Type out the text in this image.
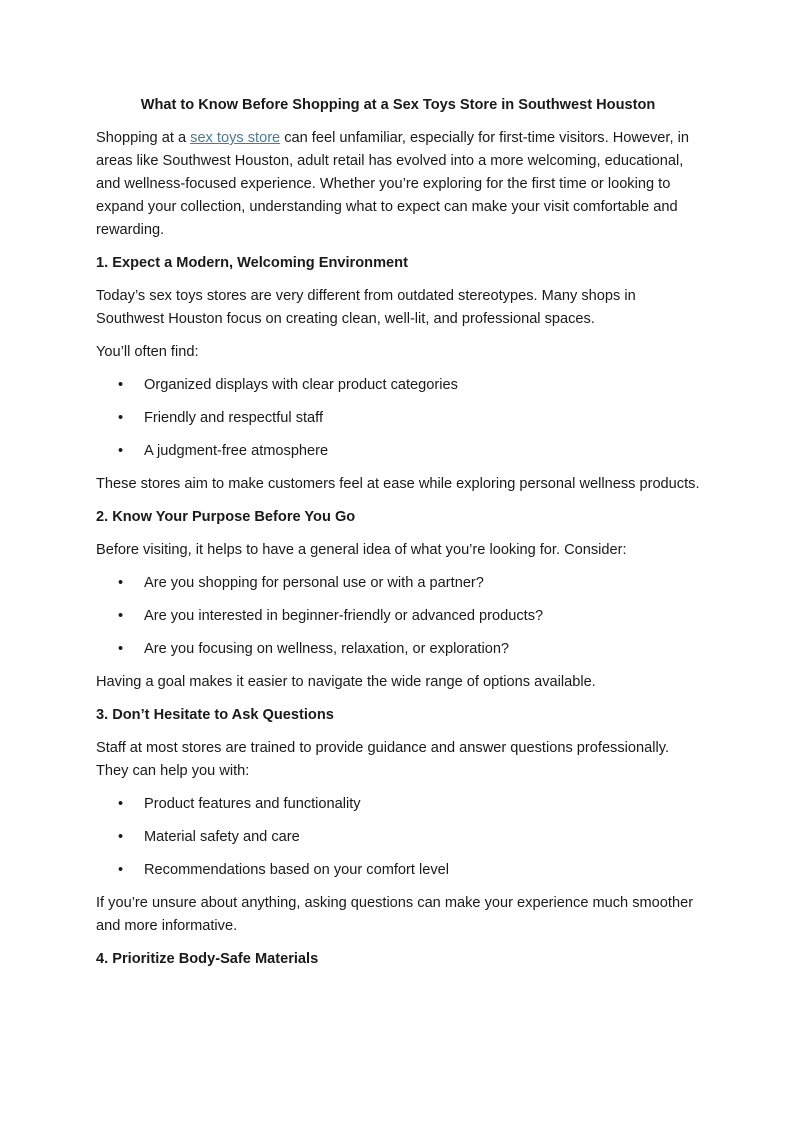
What to Know Before Shopping at a Sex Toys Store in Southwest Houston

Shopping at a sex toys store can feel unfamiliar, especially for first-time visitors. However, in areas like Southwest Houston, adult retail has evolved into a more welcoming, educational, and wellness-focused experience. Whether you’re exploring for the first time or looking to expand your collection, understanding what to expect can make your visit comfortable and rewarding.

1. Expect a Modern, Welcoming Environment

Today’s sex toys stores are very different from outdated stereotypes. Many shops in Southwest Houston focus on creating clean, well-lit, and professional spaces.

You’ll often find:

• Organized displays with clear product categories
• Friendly and respectful staff
• A judgment-free atmosphere

These stores aim to make customers feel at ease while exploring personal wellness products.

2. Know Your Purpose Before You Go

Before visiting, it helps to have a general idea of what you’re looking for. Consider:

• Are you shopping for personal use or with a partner?
• Are you interested in beginner-friendly or advanced products?
• Are you focusing on wellness, relaxation, or exploration?

Having a goal makes it easier to navigate the wide range of options available.

3. Don’t Hesitate to Ask Questions

Staff at most stores are trained to provide guidance and answer questions professionally. They can help you with:

• Product features and functionality
• Material safety and care
• Recommendations based on your comfort level

If you’re unsure about anything, asking questions can make your experience much smoother and more informative.

4. Prioritize Body-Safe Materials
